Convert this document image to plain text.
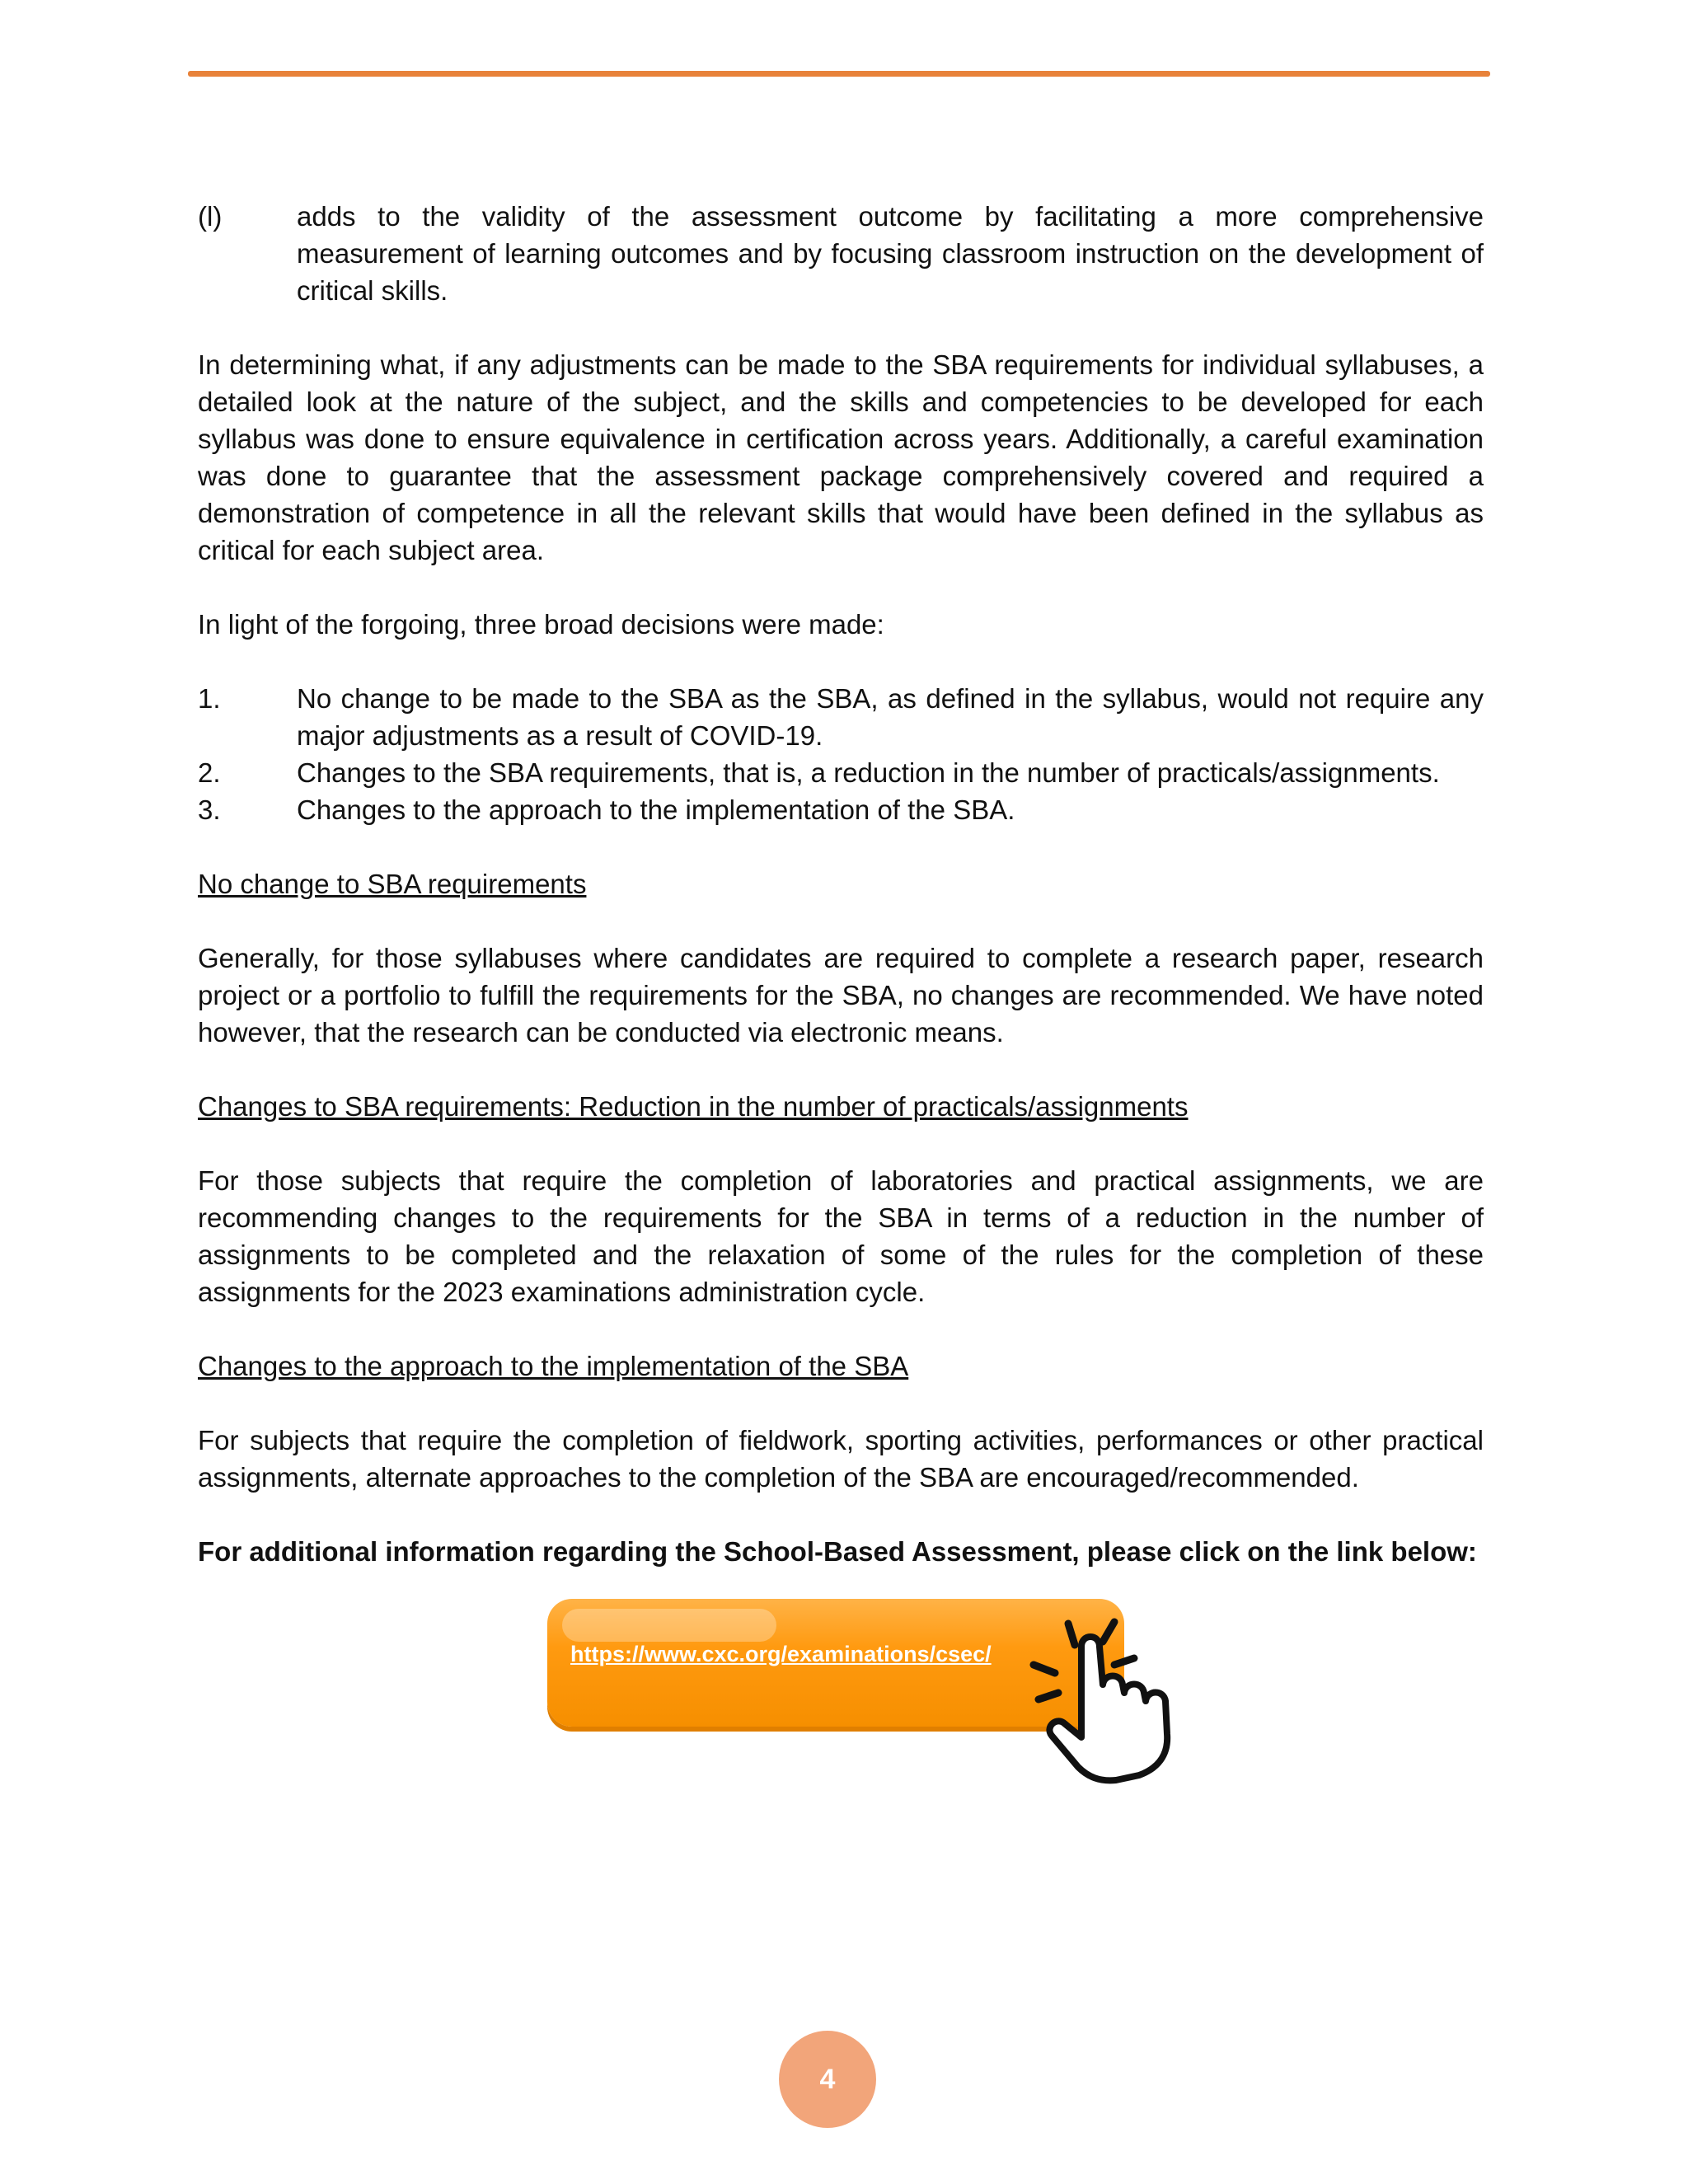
(l)	adds to the validity of the assessment outcome by facilitating a more comprehensive measurement of learning outcomes and by focusing classroom instruction on the development of critical skills.

In determining what, if any adjustments can be made to the SBA requirements for individual syllabuses, a detailed look at the nature of the subject, and the skills and competencies to be developed for each syllabus was done to ensure equivalence in certification across years. Additionally, a careful examination was done to guarantee that the assessment package comprehensively covered and required a demonstration of competence in all the relevant skills that would have been defined in the syllabus as critical for each subject area.

In light of the forgoing, three broad decisions were made:

1.	No change to be made to the SBA as the SBA, as defined in the syllabus, would not require any major adjustments as a result of COVID-19.
2.	Changes to the SBA requirements, that is, a reduction in the number of practicals/assignments.
3.	Changes to the approach to the implementation of the SBA.

No change to SBA requirements

Generally, for those syllabuses where candidates are required to complete a research paper, research project or a portfolio to fulfill the requirements for the SBA, no changes are recommended. We have noted however, that the research can be conducted via electronic means.

Changes to SBA requirements: Reduction in the number of practicals/assignments

For those subjects that require the completion of laboratories and practical assignments, we are recommending changes to the requirements for the SBA in terms of a reduction in the number of assignments to be completed and the relaxation of some of the rules for the completion of these assignments for the 2023 examinations administration cycle.

Changes to the approach to the implementation of the SBA

For subjects that require the completion of fieldwork, sporting activities, performances or other practical assignments, alternate approaches to the completion of the SBA are encouraged/recommended.

For additional information regarding the School-Based Assessment, please click on the link below:

https://www.cxc.org/examinations/csec/
4
